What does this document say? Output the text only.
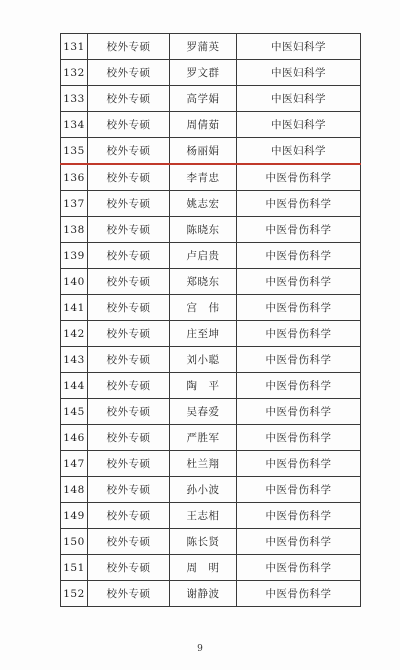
131	校外专硕	罗蒲英	中医妇科学
132	校外专硕	罗文群	中医妇科学
133	校外专硕	高学娟	中医妇科学
134	校外专硕	周倩茹	中医妇科学
135	校外专硕	杨丽娟	中医妇科学
136	校外专硕	李青忠	中医骨伤科学
137	校外专硕	姚志宏	中医骨伤科学
138	校外专硕	陈晓东	中医骨伤科学
139	校外专硕	卢启贵	中医骨伤科学
140	校外专硕	郑晓东	中医骨伤科学
141	校外专硕	宫　伟	中医骨伤科学
142	校外专硕	庄至坤	中医骨伤科学
143	校外专硕	刘小聪	中医骨伤科学
144	校外专硕	陶　平	中医骨伤科学
145	校外专硕	吴春爱	中医骨伤科学
146	校外专硕	严胜军	中医骨伤科学
147	校外专硕	杜兰翔	中医骨伤科学
148	校外专硕	孙小波	中医骨伤科学
149	校外专硕	王志相	中医骨伤科学
150	校外专硕	陈长贤	中医骨伤科学
151	校外专硕	周　明	中医骨伤科学
152	校外专硕	谢静波	中医骨伤科学
9
